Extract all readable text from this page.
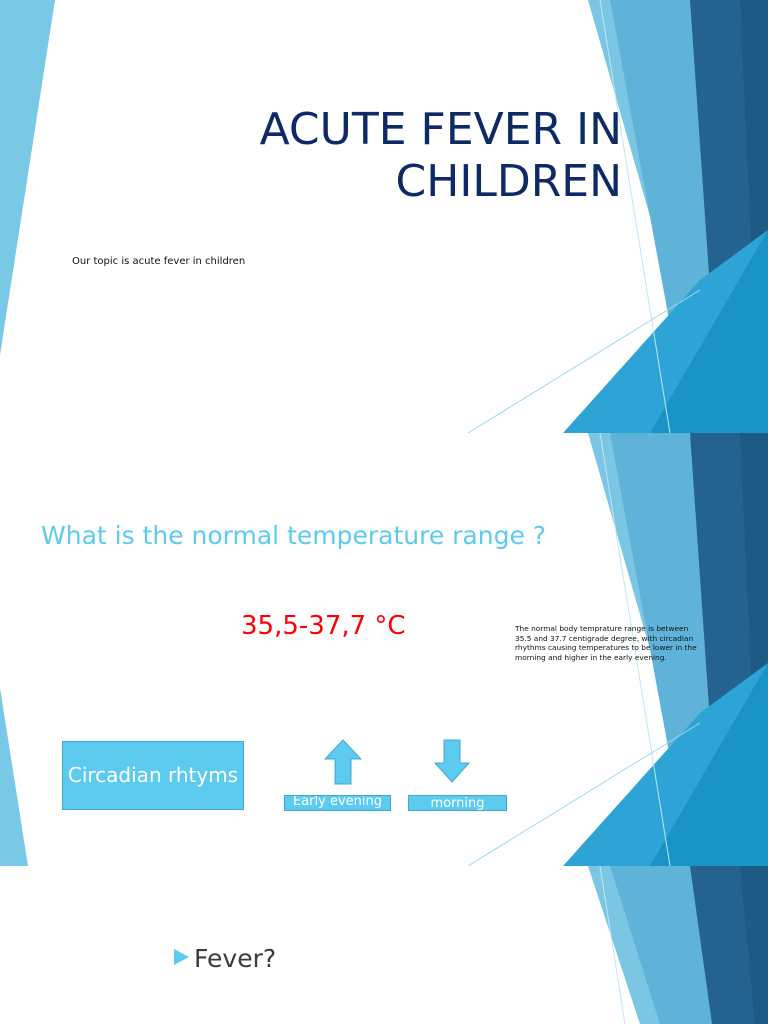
ACUTE FEVER IN CHILDREN
Our topic is acute fever in children
What is the normal temperature range ?
35,5-37,7 °C	The normal body temprature range is between 35.5 and 37.7 centigrade degree, with circadian rhythms causing temperatures to be lower in the morning and higher in the early evening.
Circadian rhtyms
Early evening	morning
Fever?
